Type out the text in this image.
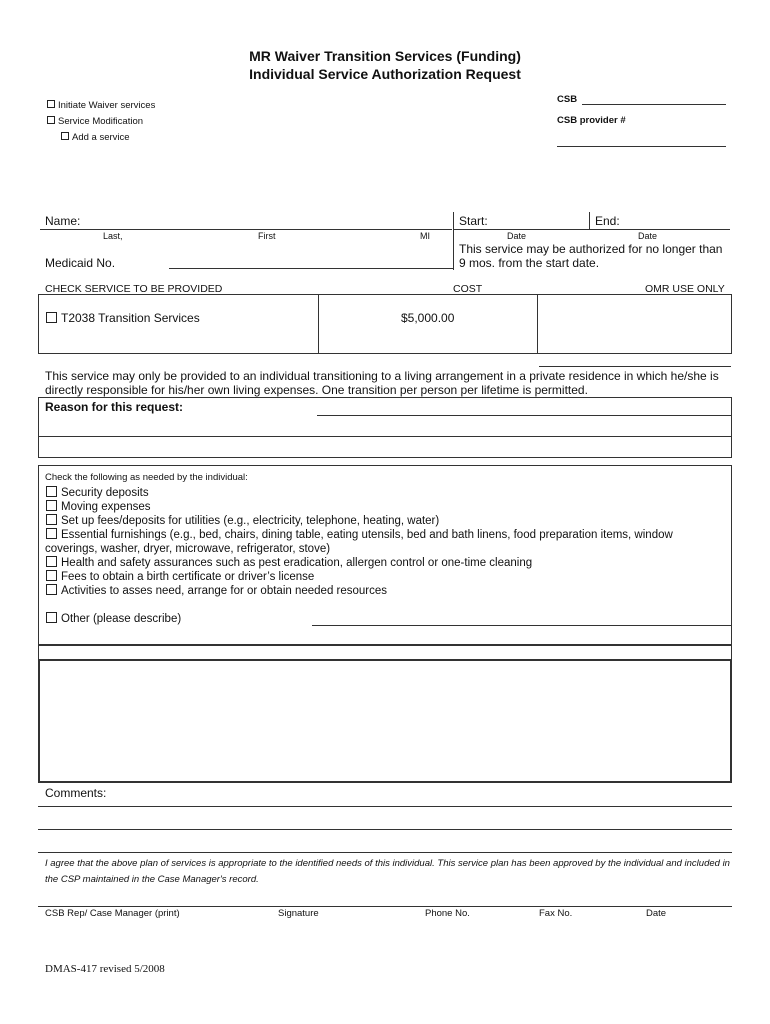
MR Waiver Transition Services (Funding)
Individual Service Authorization Request
Initiate Waiver services
Service Modification
Add a service
CSB
CSB provider #
Name:
Last,	First	MI
Start:	End:
Date	Date
Medicaid No.
This service may be authorized for no longer than 9 mos. from the start date.
CHECK SERVICE TO BE PROVIDED	COST	OMR USE ONLY
T2038 Transition Services	$5,000.00
This service may only be provided to an individual transitioning to a living arrangement in a private residence in which he/she is directly responsible for his/her own living expenses. One transition per person per lifetime is permitted.
Reason for this request:
Check the following as needed by the individual:
Security deposits
Moving expenses
Set up fees/deposits for utilities (e.g., electricity, telephone, heating, water)
Essential furnishings (e.g., bed, chairs, dining table, eating utensils, bed and bath linens, food preparation items, window
coverings, washer, dryer, microwave, refrigerator, stove)
Health and safety assurances such as pest eradication, allergen control or one-time cleaning
Fees to obtain a birth certificate or driver’s license
Activities to asses need, arrange for or obtain needed resources
Other (please describe)
Comments:
I agree that the above plan of services is appropriate to the identified needs of this individual. This service plan has been approved by the individual and included in the CSP maintained in the Case Manager's record.
CSB Rep/ Case Manager (print)	Signature	Phone No.	Fax No.	Date
DMAS-417 revised 5/2008
